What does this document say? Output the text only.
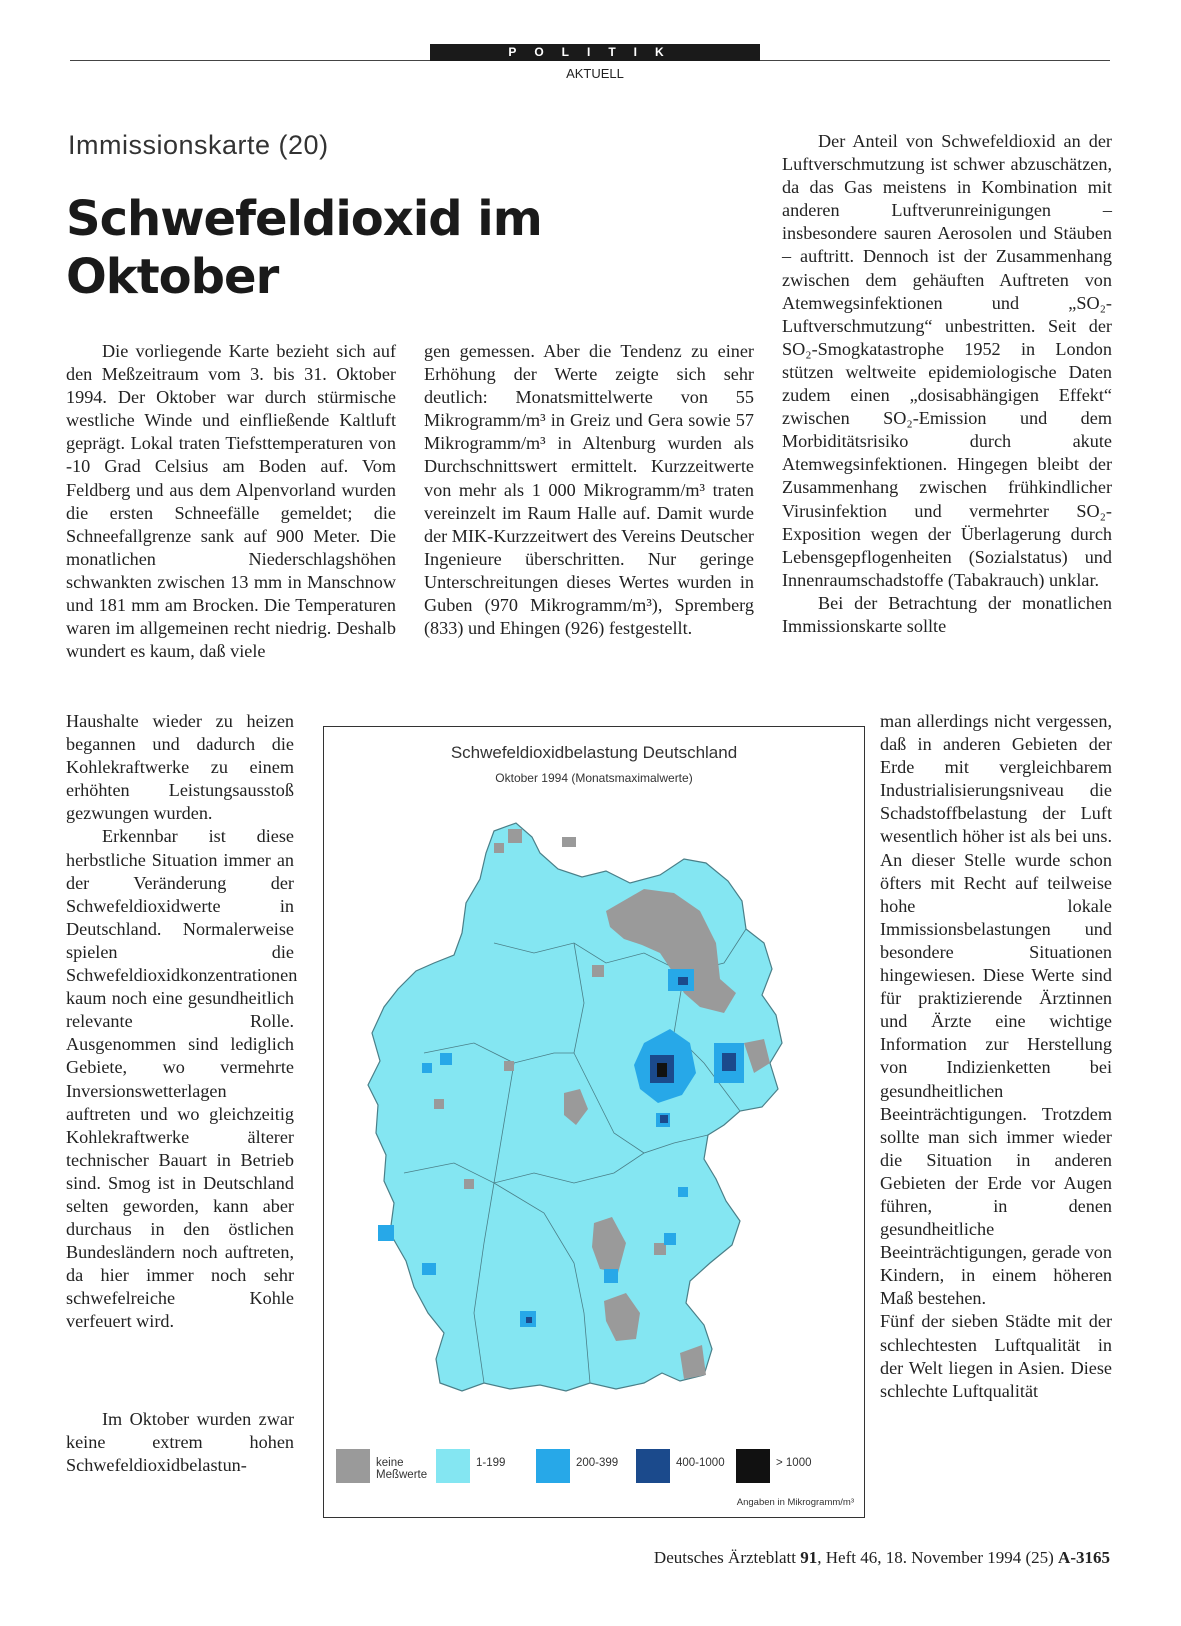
POLITIK
AKTUELL
Immissionskarte (20)
Schwefeldioxid im
Oktober

Die vorliegende Karte bezieht sich auf den Meßzeitraum vom 3. bis 31. Oktober 1994. Der Oktober war durch stürmische westliche Winde und einfließende Kaltluft geprägt. Lokal traten Tiefsttemperaturen von -10 Grad Celsius am Boden auf. Vom Feldberg und aus dem Alpenvorland wurden die ersten Schneefälle gemeldet; die Schneefallgrenze sank auf 900 Meter. Die monatlichen Niederschlagshöhen schwankten zwischen 13 mm in Manschnow und 181 mm am Brocken. Die Temperaturen waren im allgemeinen recht niedrig. Deshalb wundert es kaum, daß viele

Haushalte wieder zu heizen begannen und dadurch die Kohlekraftwerke zu einem erhöhten Leistungsausstoß gezwungen wurden.

Erkennbar ist diese herbstliche Situation immer an der Veränderung der Schwefeldioxidwerte in Deutschland. Normalerweise spielen die Schwefeldioxidkonzentrationen kaum noch eine gesundheitlich relevante Rolle. Ausgenommen sind lediglich Gebiete, wo vermehrte Inversionswetterlagen auftreten und wo gleichzeitig Kohlekraftwerke älterer technischer Bauart in Betrieb sind. Smog ist in Deutschland selten geworden, kann aber durchaus in den östlichen Bundesländern noch auftreten, da hier immer noch sehr schwefelreiche Kohle verfeuert wird.

Im Oktober wurden zwar keine extrem hohen Schwefeldioxidbelastun-

gen gemessen. Aber die Tendenz zu einer Erhöhung der Werte zeigte sich sehr deutlich: Monatsmittelwerte von 55 Mikrogramm/m³ in Greiz und Gera sowie 57 Mikrogramm/m³ in Altenburg wurden als Durchschnittswert ermittelt. Kurzzeitwerte von mehr als 1 000 Mikrogramm/m³ traten vereinzelt im Raum Halle auf. Damit wurde der MIK-Kurzzeitwert des Vereins Deutscher Ingenieure überschritten. Nur geringe Unterschreitungen dieses Wertes wurden in Guben (970 Mikrogramm/m³), Spremberg (833) und Ehingen (926) festgestellt.

Der Anteil von Schwefeldioxid an der Luftverschmutzung ist schwer abzuschätzen, da das Gas meistens in Kombination mit anderen Luftverunreinigungen – insbesondere sauren Aerosolen und Stäuben – auftritt. Dennoch ist der Zusammenhang zwischen dem gehäuften Auftreten von Atemwegsinfektionen und „SO₂-Luftverschmutzung“ unbestritten. Seit der SO₂-Smogkatastrophe 1952 in London stützen weltweite epidemiologische Daten zudem einen „dosisabhängigen Effekt“ zwischen SO₂-Emission und dem Morbiditätsrisiko durch akute Atemwegsinfektionen. Hingegen bleibt der Zusammenhang zwischen frühkindlicher Virusinfektion und vermehrter SO₂-Exposition wegen der Überlagerung durch Lebensgepflogenheiten (Sozialstatus) und Innenraumschadstoffe (Tabakrauch) unklar.

Bei der Betrachtung der monatlichen Immissionskarte sollte

man allerdings nicht vergessen, daß in anderen Gebieten der Erde mit vergleichbarem Industrialisierungsniveau die Schadstoffbelastung der Luft wesentlich höher ist als bei uns. An dieser Stelle wurde schon öfters mit Recht auf teilweise hohe lokale Immissionsbelastungen und besondere Situationen hingewiesen. Diese Werte sind für praktizierende Ärztinnen und Ärzte eine wichtige Information zur Herstellung von Indizienketten bei gesundheitlichen Beeinträchtigungen. Trotzdem sollte man sich immer wieder die Situation in anderen Gebieten der Erde vor Augen führen, in denen gesundheitliche Beeinträchtigungen, gerade von Kindern, in einem höheren Maß bestehen.

Fünf der sieben Städte mit der schlechtesten Luftqualität in der Welt liegen in Asien. Diese schlechte Luftqualität

Schwefeldioxidbelastung Deutschland
Oktober 1994 (Monatsmaximalwerte)
keine Meßwerte
1-199	200-399	400-1000	> 1000
Angaben in Mikrogramm/m³
Deutsches Ärzteblatt 91, Heft 46, 18. November 1994 (25) A-3165
